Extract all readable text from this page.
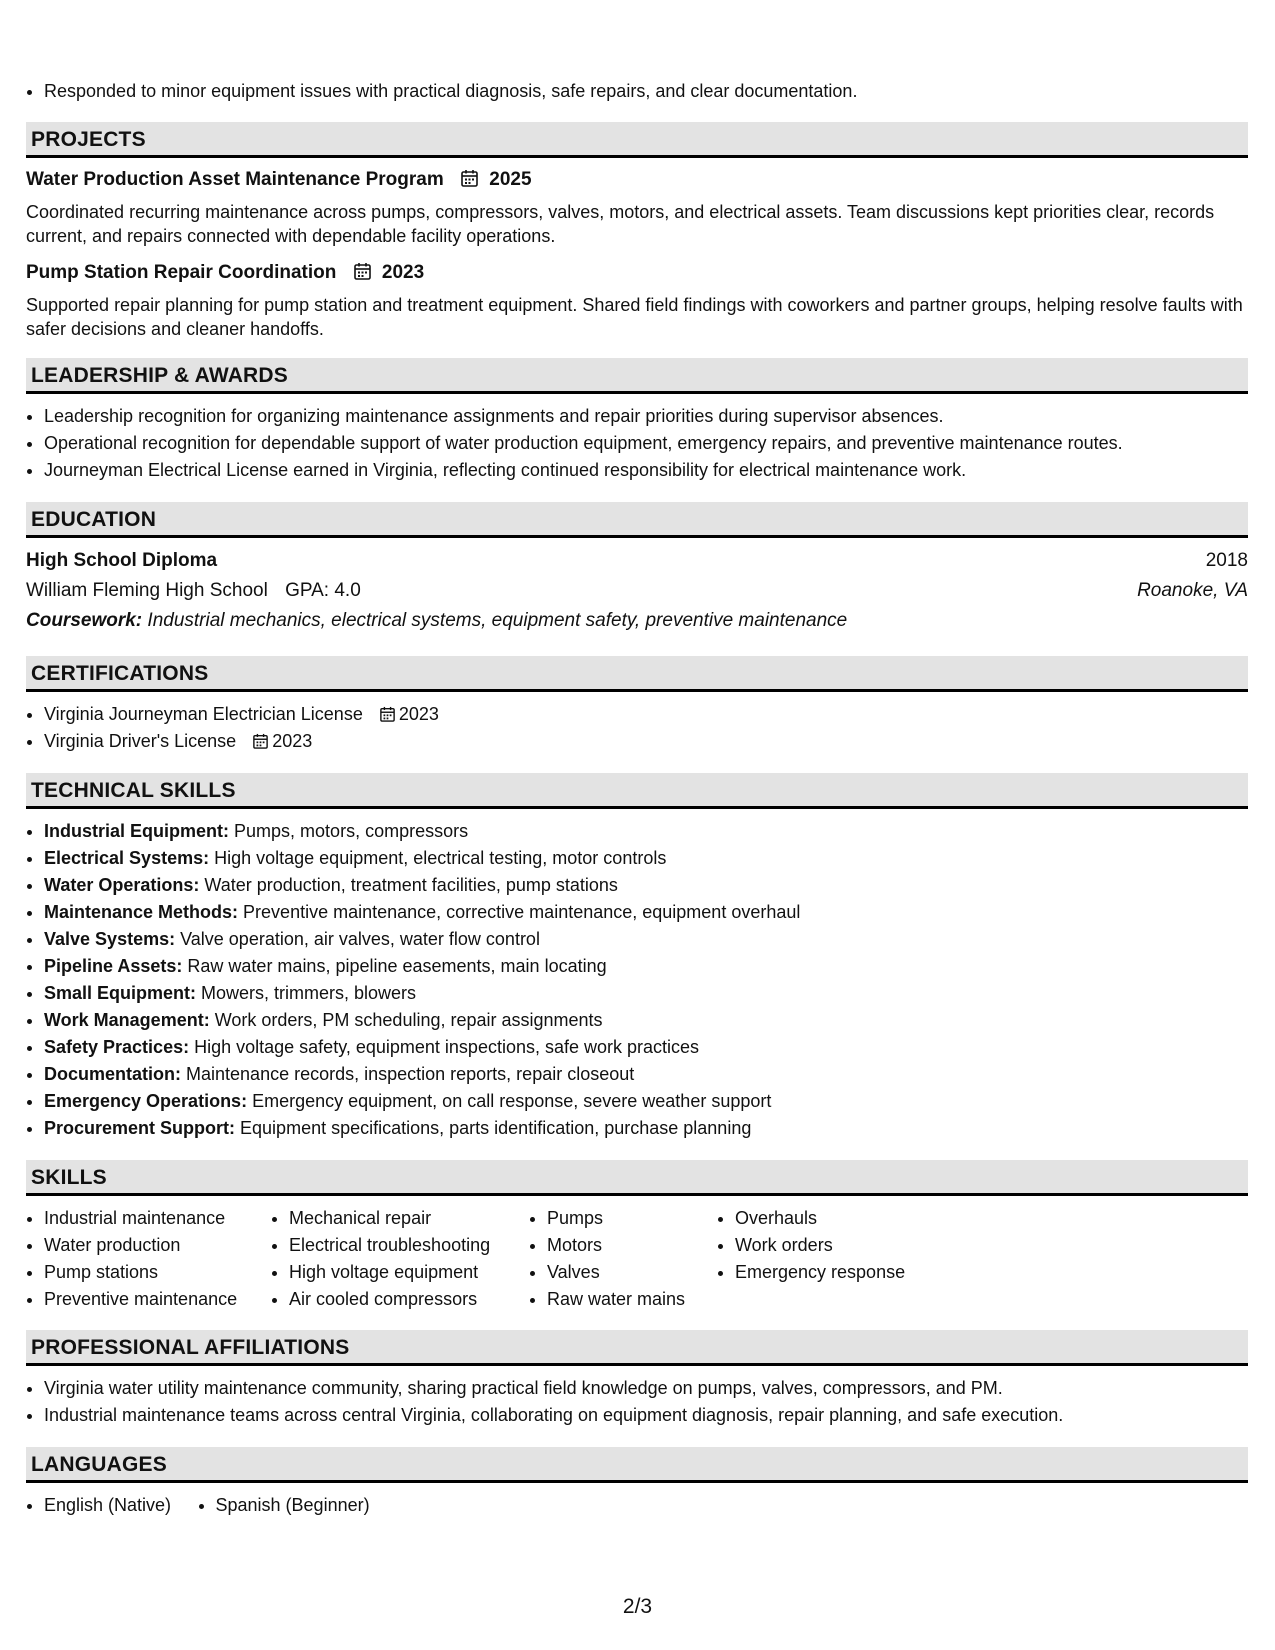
• Responded to minor equipment issues with practical diagnosis, safe repairs, and clear documentation.
PROJECTS
Water Production Asset Maintenance Program 2025
Coordinated recurring maintenance across pumps, compressors, valves, motors, and electrical assets. Team discussions kept priorities clear, records current, and repairs connected with dependable facility operations.
Pump Station Repair Coordination 2023
Supported repair planning for pump station and treatment equipment. Shared field findings with coworkers and partner groups, helping resolve faults with safer decisions and cleaner handoffs.
LEADERSHIP & AWARDS
• Leadership recognition for organizing maintenance assignments and repair priorities during supervisor absences.
• Operational recognition for dependable support of water production equipment, emergency repairs, and preventive maintenance routes.
• Journeyman Electrical License earned in Virginia, reflecting continued responsibility for electrical maintenance work.
EDUCATION
High School Diploma	2018
William Fleming High School GPA: 4.0	Roanoke, VA
Coursework: Industrial mechanics, electrical systems, equipment safety, preventive maintenance
CERTIFICATIONS
• Virginia Journeyman Electrician License 2023
• Virginia Driver's License 2023
TECHNICAL SKILLS
• Industrial Equipment: Pumps, motors, compressors
• Electrical Systems: High voltage equipment, electrical testing, motor controls
• Water Operations: Water production, treatment facilities, pump stations
• Maintenance Methods: Preventive maintenance, corrective maintenance, equipment overhaul
• Valve Systems: Valve operation, air valves, water flow control
• Pipeline Assets: Raw water mains, pipeline easements, main locating
• Small Equipment: Mowers, trimmers, blowers
• Work Management: Work orders, PM scheduling, repair assignments
• Safety Practices: High voltage safety, equipment inspections, safe work practices
• Documentation: Maintenance records, inspection reports, repair closeout
• Emergency Operations: Emergency equipment, on call response, severe weather support
• Procurement Support: Equipment specifications, parts identification, purchase planning
SKILLS
• Industrial maintenance
• Water production
• Pump stations
• Preventive maintenance
• Mechanical repair
• Electrical troubleshooting
• High voltage equipment
• Air cooled compressors
• Pumps
• Motors
• Valves
• Raw water mains
• Overhauls
• Work orders
• Emergency response
PROFESSIONAL AFFILIATIONS
• Virginia water utility maintenance community, sharing practical field knowledge on pumps, valves, compressors, and PM.
• Industrial maintenance teams across central Virginia, collaborating on equipment diagnosis, repair planning, and safe execution.
LANGUAGES
• English (Native)

• Spanish (Beginner)
2/3
